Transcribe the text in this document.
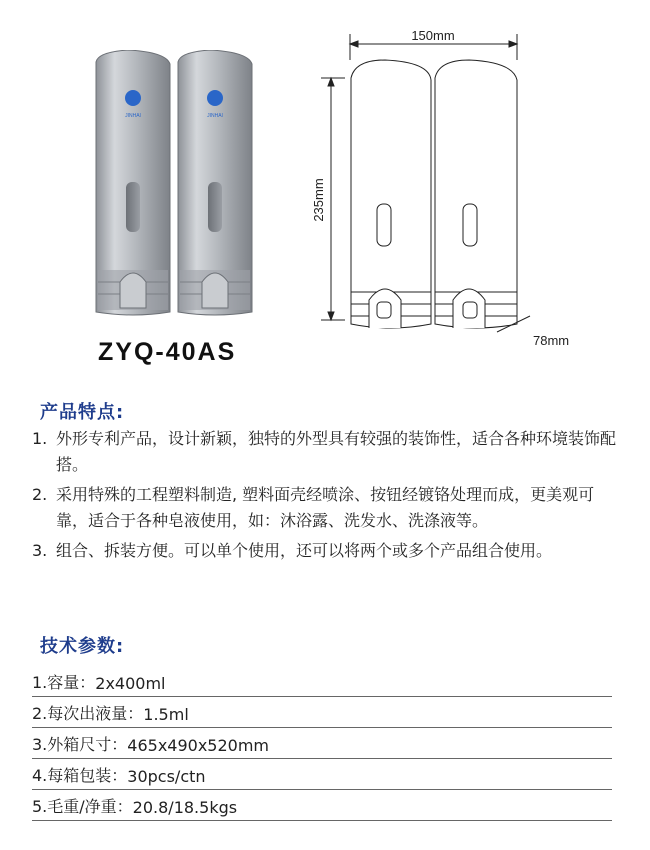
JINHAI	JINHAI
150mm
235mm
78mm
ZYQ-40AS
产品特点:
1. 外形专利产品，设计新颖，独特的外型具有较强的装饰性，适合各种环境装饰配搭。
2. 采用特殊的工程塑料制造, 塑料面壳经喷涂、按钮经镀铬处理而成，更美观可靠，适合于各种皂液使用，如：沐浴露、洗发水、洗涤液等。
3. 组合、拆装方便。可以单个使用，还可以将两个或多个产品组合使用。
技术参数:
1.容量： 2x400ml
2.每次出液量： 1.5ml
3.外箱尺寸： 465x490x520mm
4.每箱包装： 30pcs/ctn
5.毛重/净重： 20.8/18.5kgs
